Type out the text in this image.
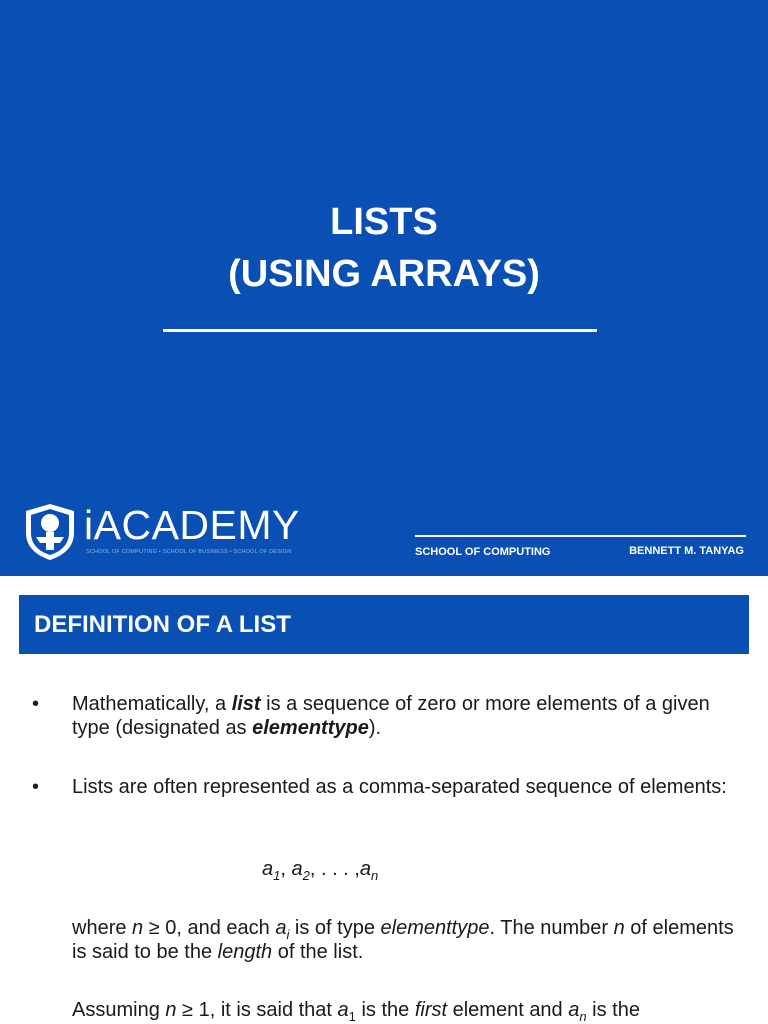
LISTS
(USING ARRAYS)
iACADEMY
SCHOOL OF COMPUTING • SCHOOL OF BUSINESS • SCHOOL OF DESIGN	SCHOOL OF COMPUTING	BENNETT M. TANYAG
DEFINITION OF A LIST
• Mathematically, a list is a sequence of zero or more elements of a given type (designated as elementtype).
• Lists are often represented as a comma-separated sequence of elements:
$a_1$, $a_2$, . . . $,a_n$
where n ≥ 0, and each $a_i$ is of type elementtype. The number n of elements is said to be the length of the list.
Assuming n ≥ 1, it is said that $a_1$ is the first element and $a_n$ is the
